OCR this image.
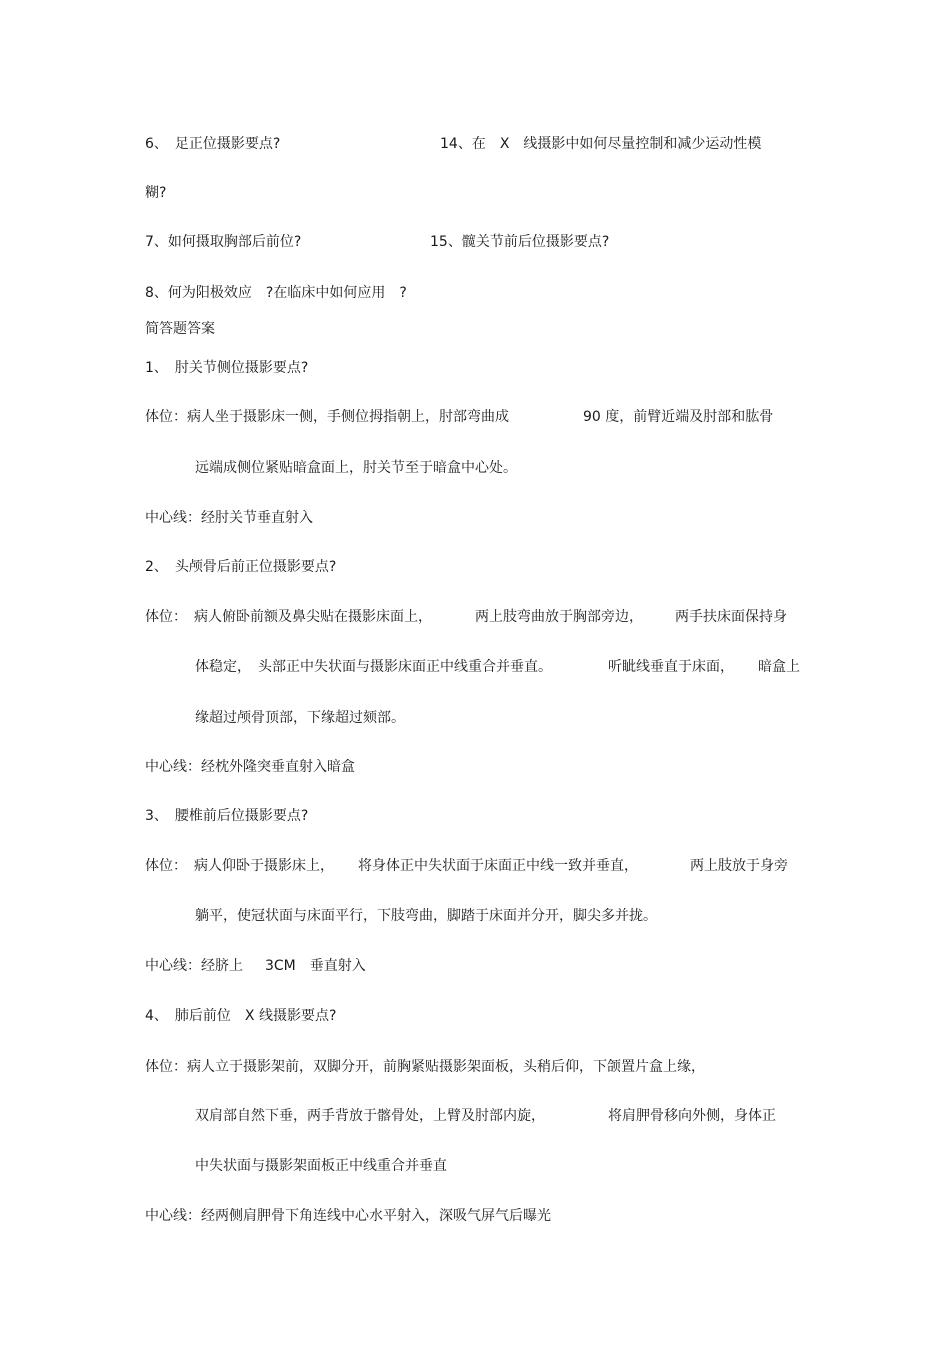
6、　足正位摄影要点?	14、在　X　线摄影中如何尽量控制和减少运动性模
糊?
7、如何摄取胸部后前位?	15、髋关节前后位摄影要点?
8、何为阳极效应　?在临床中如何应用　?
简答题答案
1、　肘关节侧位摄影要点?
体位：病人坐于摄影床一侧，手侧位拇指朝上，肘部弯曲成	90 度，前臂近端及肘部和肱骨
远端成侧位紧贴暗盒面上，肘关节至于暗盒中心处。
中心线：经肘关节垂直射入
2、　头颅骨后前正位摄影要点?
体位：　病人俯卧前额及鼻尖贴在摄影床面上，	两上肢弯曲放于胸部旁边， 两手扶床面保持身
体稳定，　头部正中失状面与摄影床面正中线重合并垂直。	听眦线垂直于床面， 暗盒上
缘超过颅骨顶部，下缘超过颏部。
中心线：经枕外隆突垂直射入暗盒
3、　腰椎前后位摄影要点?
体位：　病人仰卧于摄影床上， 将身体正中失状面于床面正中线一致并垂直，	两上肢放于身旁
躺平，使冠状面与床面平行，下肢弯曲，脚踏于床面并分开，脚尖多并拢。
中心线：经脐上 3CM　垂直射入
4、　肺后前位　X 线摄影要点?
体位：病人立于摄影架前，双脚分开，前胸紧贴摄影架面板，头稍后仰，下颌置片盒上缘，
双肩部自然下垂，两手背放于髂骨处，上臂及肘部内旋，	将肩胛骨移向外侧，身体正
中失状面与摄影架面板正中线重合并垂直
中心线：经两侧肩胛骨下角连线中心水平射入，深吸气屏气后曝光
